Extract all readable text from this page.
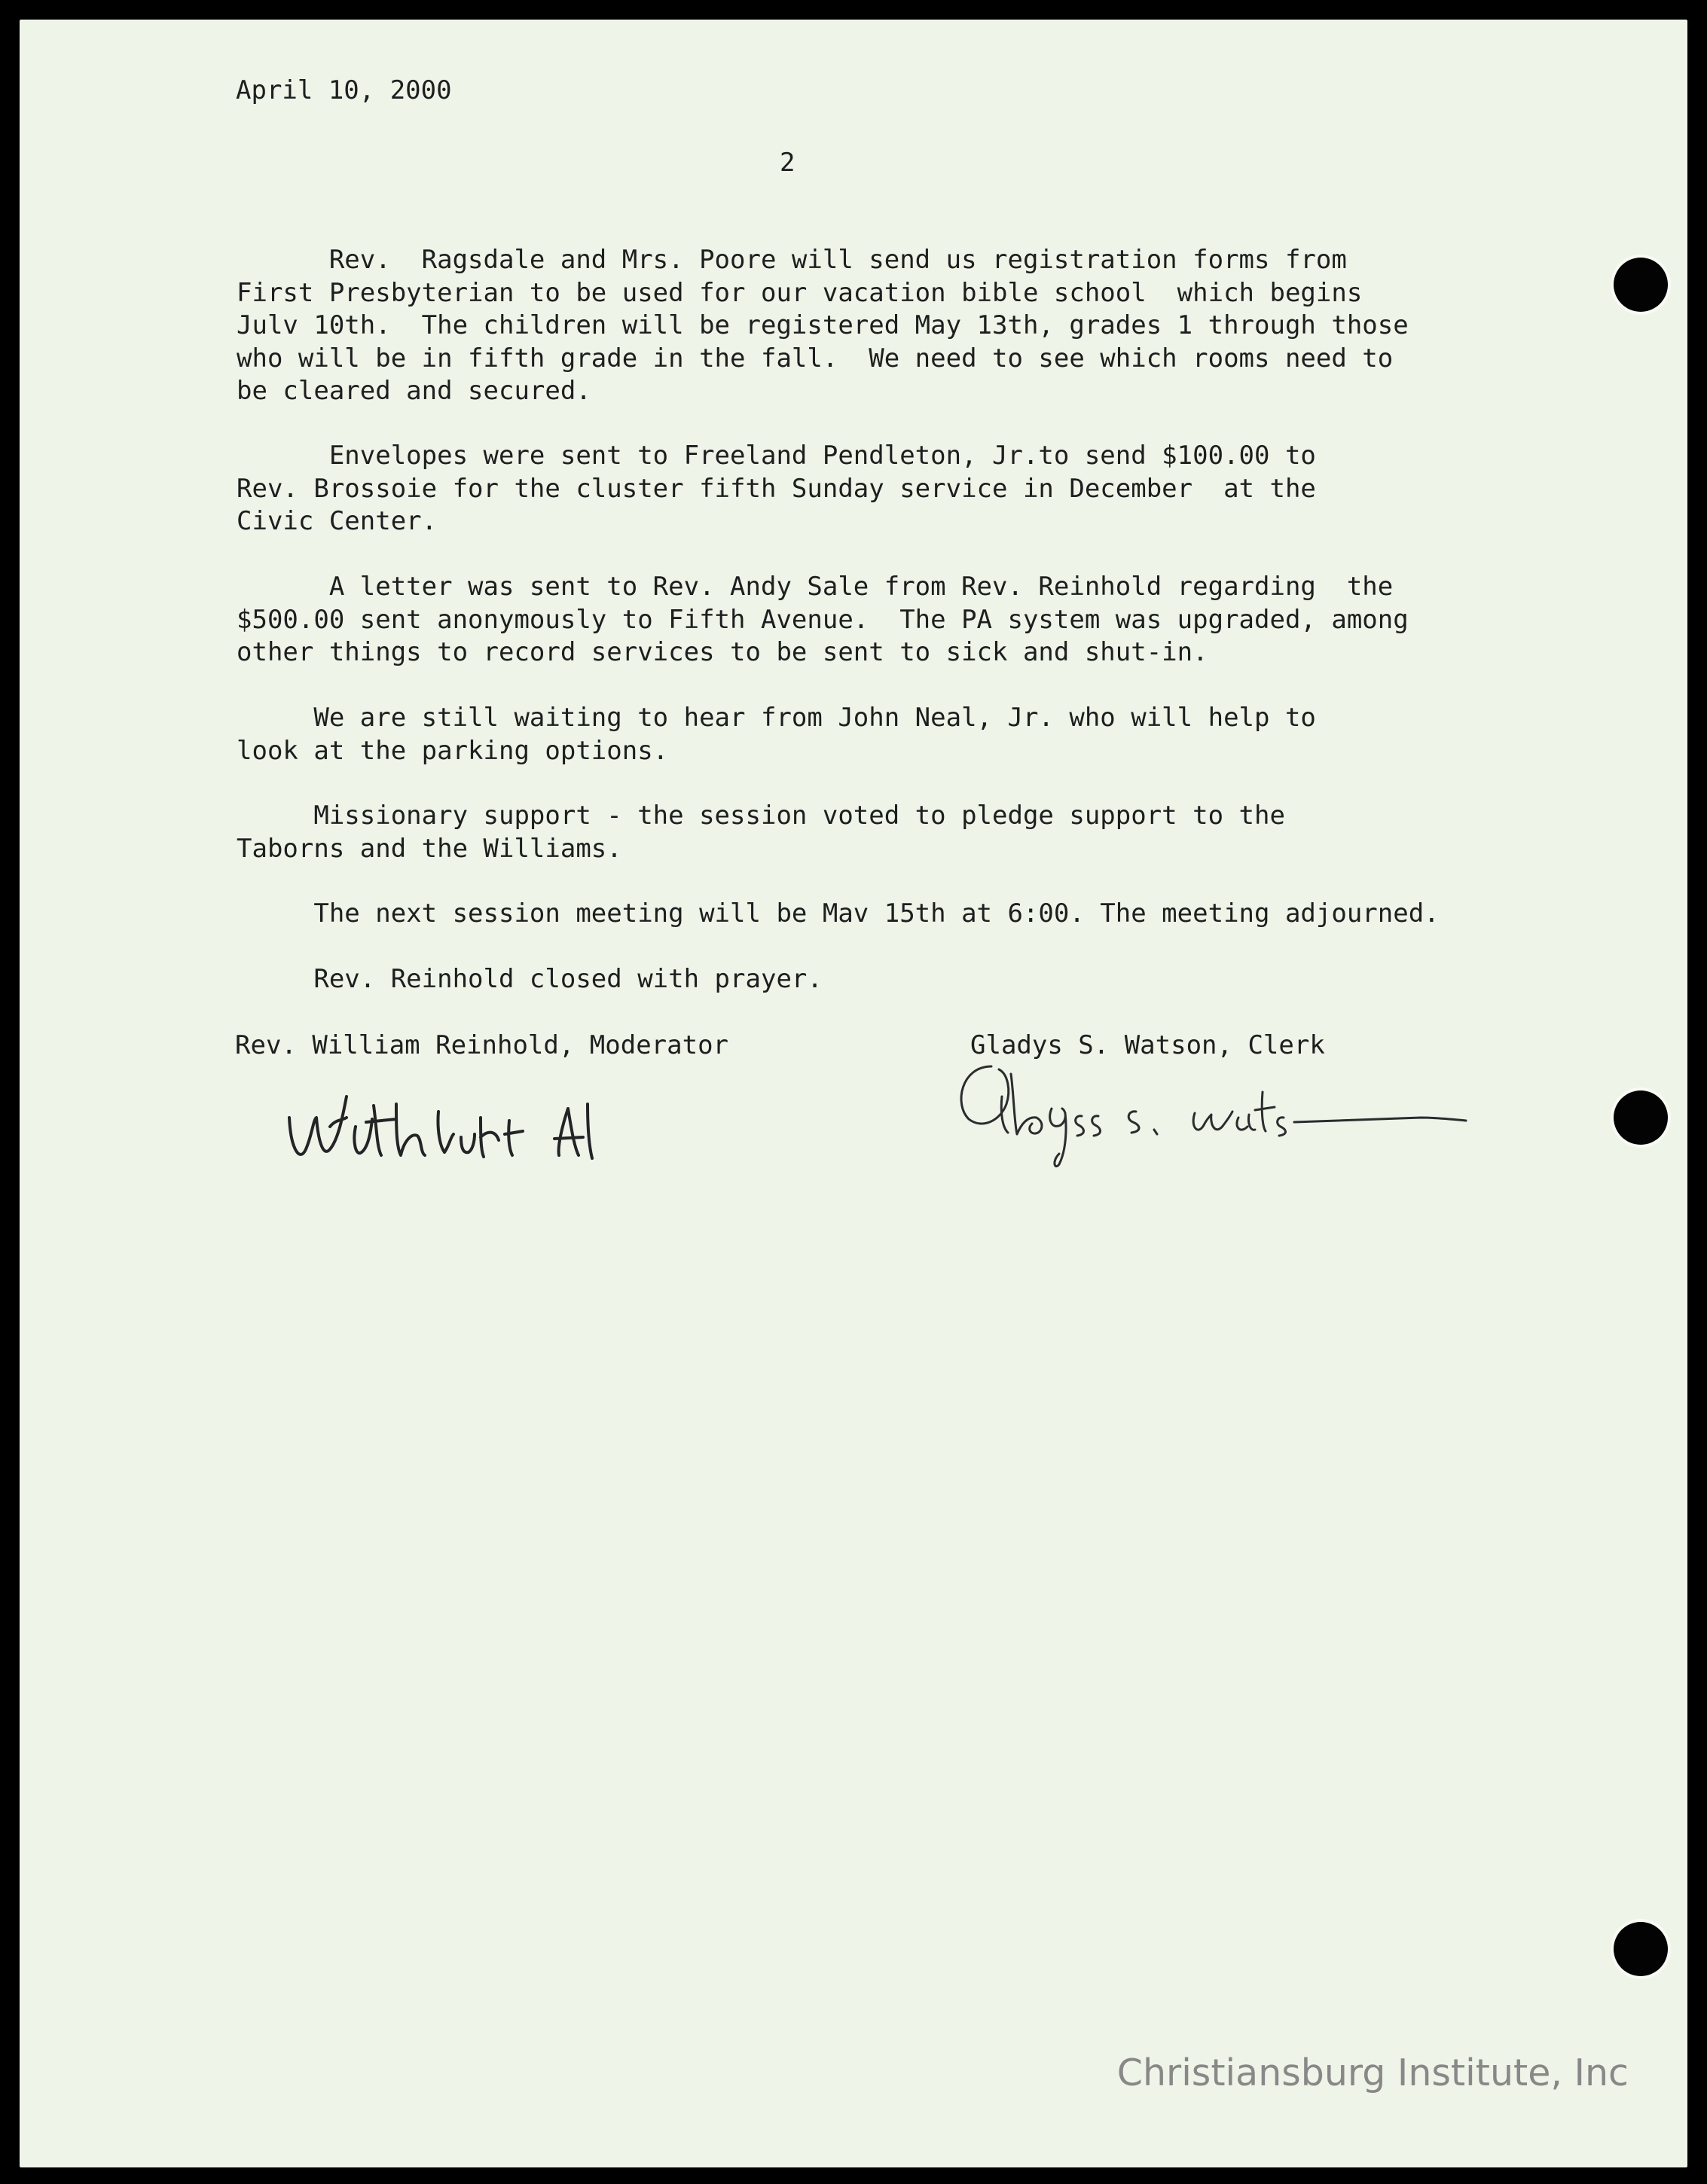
April 10, 2000
2
Rev.  Ragsdale and Mrs. Poore will send us registration forms from
First Presbyterian to be used for our vacation bible school  which begins
Julv 10th.  The children will be registered May 13th, grades 1 through those
who will be in fifth grade in the fall.  We need to see which rooms need to
be cleared and secured.
Envelopes were sent to Freeland Pendleton, Jr.to send $100.00 to
Rev. Brossoie for the cluster fifth Sunday service in December  at the
Civic Center.
A letter was sent to Rev. Andy Sale from Rev. Reinhold regarding  the
$500.00 sent anonymously to Fifth Avenue.  The PA system was upgraded, among
other things to record services to be sent to sick and shut-in.
We are still waiting to hear from John Neal, Jr. who will help to
look at the parking options.
Missionary support - the session voted to pledge support to the
Taborns and the Williams.
The next session meeting will be Mav 15th at 6:00. The meeting adjourned.
Rev. Reinhold closed with prayer.
Rev. William Reinhold, Moderator	Gladys S. Watson, Clerk
Christiansburg Institute, Inc
